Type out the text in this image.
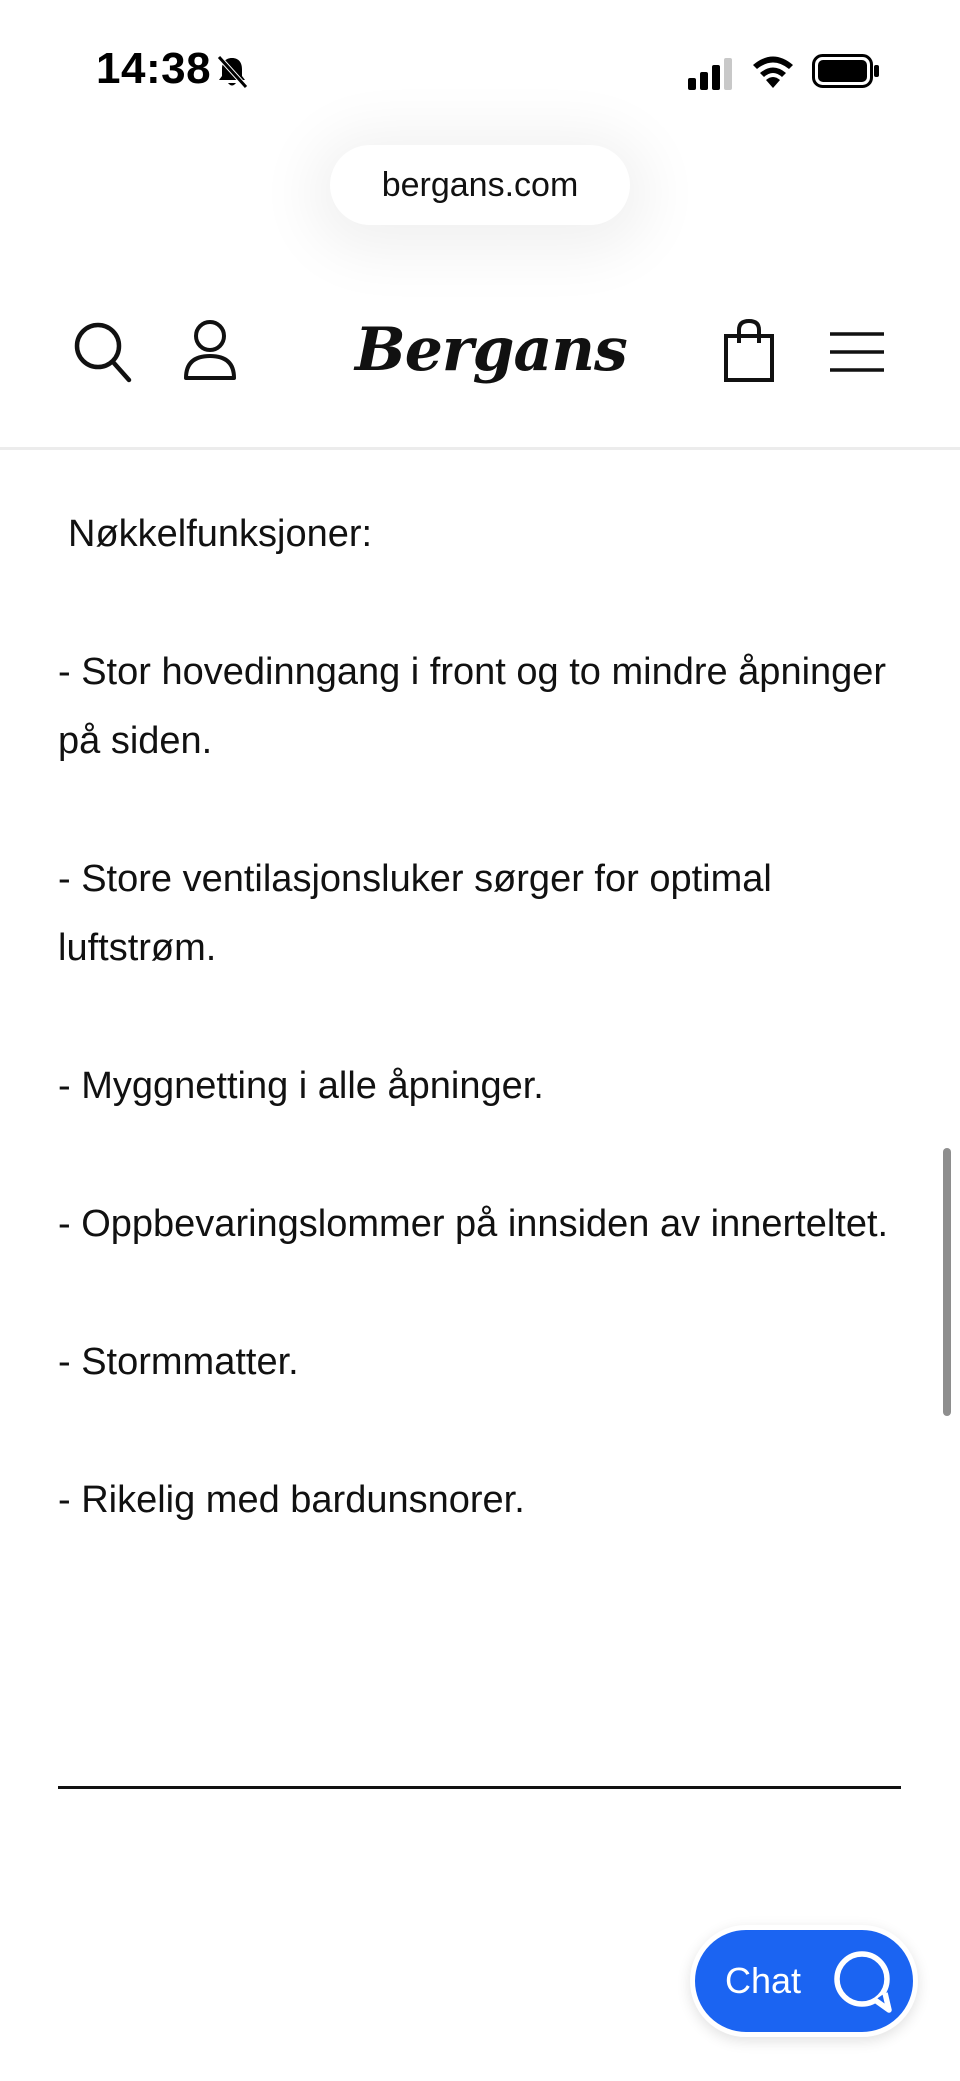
14:38
bergans.com
Bergans
Nøkkelfunksjoner:
- Stor hovedinngang i front og to mindre åpninger på siden.
- Store ventilasjonsluker sørger for optimal luftstrøm.
- Myggnetting i alle åpninger.
- Oppbevaringslommer på innsiden av innerteltet.
- Stormmatter.
- Rikelig med bardunsnorer.
Chat
